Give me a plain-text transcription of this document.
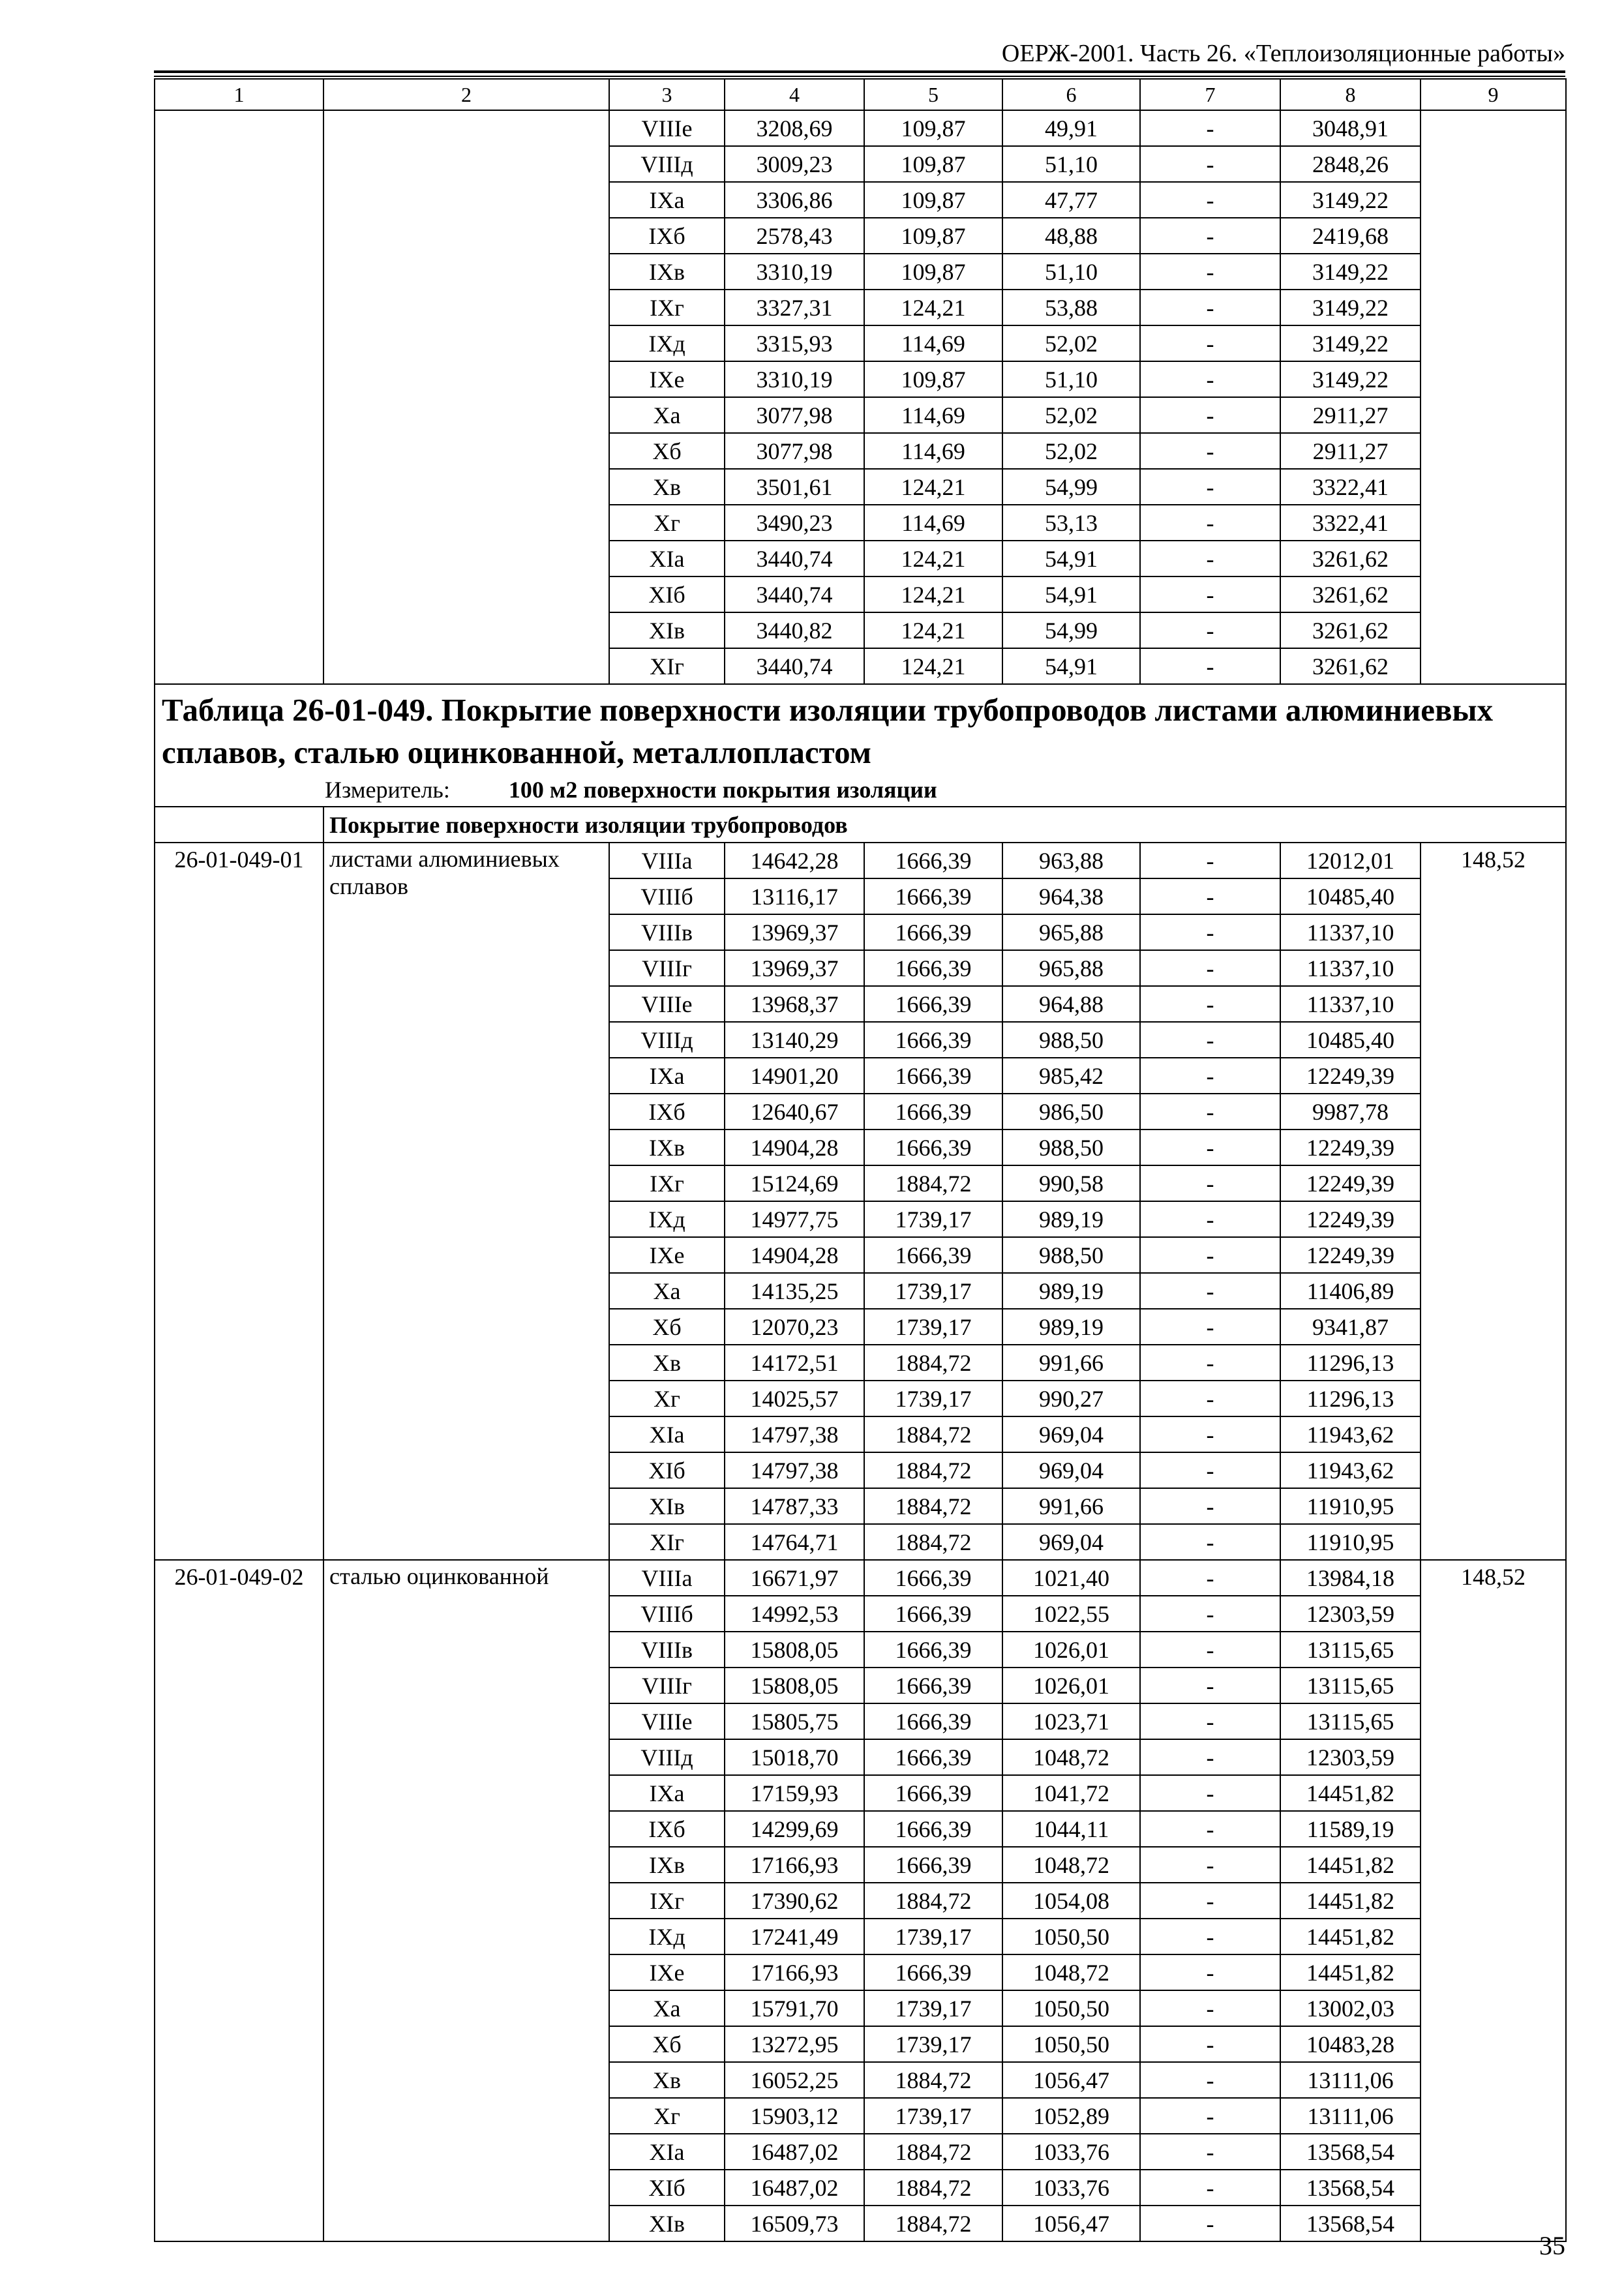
ОЕРЖ-2001. Часть 26. «Теплоизоляционные работы»
1	2	3	4	5	6	7	8	9
		VIIIе	3208,69	109,87	49,91	-	3048,91	
		VIIIд	3009,23	109,87	51,10	-	2848,26	
		IXа	3306,86	109,87	47,77	-	3149,22	
		IXб	2578,43	109,87	48,88	-	2419,68	
		IXв	3310,19	109,87	51,10	-	3149,22	
		IXг	3327,31	124,21	53,88	-	3149,22	
		IXд	3315,93	114,69	52,02	-	3149,22	
		IXе	3310,19	109,87	51,10	-	3149,22	
		Xа	3077,98	114,69	52,02	-	2911,27	
		Xб	3077,98	114,69	52,02	-	2911,27	
		Xв	3501,61	124,21	54,99	-	3322,41	
		Xг	3490,23	114,69	53,13	-	3322,41	
		XIа	3440,74	124,21	54,91	-	3261,62	
		XIб	3440,74	124,21	54,91	-	3261,62	
		XIв	3440,82	124,21	54,99	-	3261,62	
		XIг	3440,74	124,21	54,91	-	3261,62	

Таблица 26-01-049. Покрытие поверхности изоляции трубопроводов листами алюминиевых сплавов, сталью оцинкованной, металлопластом
Измеритель: 100 м2 поверхности покрытия изоляции								

	Покрытие поверхности изоляции трубопроводов							
26-01-049-01	листами алюминиевых сплавов	VIIIа	14642,28	1666,39	963,88	-	12012,01	148,52
		VIIIб	13116,17	1666,39	964,38	-	10485,40	
		VIIIв	13969,37	1666,39	965,88	-	11337,10	
		VIIIг	13969,37	1666,39	965,88	-	11337,10	
		VIIIе	13968,37	1666,39	964,88	-	11337,10	
		VIIIд	13140,29	1666,39	988,50	-	10485,40	
		IXа	14901,20	1666,39	985,42	-	12249,39	
		IXб	12640,67	1666,39	986,50	-	9987,78	
		IXв	14904,28	1666,39	988,50	-	12249,39	
		IXг	15124,69	1884,72	990,58	-	12249,39	
		IXд	14977,75	1739,17	989,19	-	12249,39	
		IXе	14904,28	1666,39	988,50	-	12249,39	
		Xа	14135,25	1739,17	989,19	-	11406,89	
		Xб	12070,23	1739,17	989,19	-	9341,87	
		Xв	14172,51	1884,72	991,66	-	11296,13	
		Xг	14025,57	1739,17	990,27	-	11296,13	
		XIа	14797,38	1884,72	969,04	-	11943,62	
		XIб	14797,38	1884,72	969,04	-	11943,62	
		XIв	14787,33	1884,72	991,66	-	11910,95	
		XIг	14764,71	1884,72	969,04	-	11910,95	
26-01-049-02	сталью оцинкованной	VIIIа	16671,97	1666,39	1021,40	-	13984,18	148,52
		VIIIб	14992,53	1666,39	1022,55	-	12303,59	
		VIIIв	15808,05	1666,39	1026,01	-	13115,65	
		VIIIг	15808,05	1666,39	1026,01	-	13115,65	
		VIIIе	15805,75	1666,39	1023,71	-	13115,65	
		VIIIд	15018,70	1666,39	1048,72	-	12303,59	
		IXа	17159,93	1666,39	1041,72	-	14451,82	
		IXб	14299,69	1666,39	1044,11	-	11589,19	
		IXв	17166,93	1666,39	1048,72	-	14451,82	
		IXг	17390,62	1884,72	1054,08	-	14451,82	
		IXд	17241,49	1739,17	1050,50	-	14451,82	
		IXе	17166,93	1666,39	1048,72	-	14451,82	
		Xа	15791,70	1739,17	1050,50	-	13002,03	
		Xб	13272,95	1739,17	1050,50	-	10483,28	
		Xв	16052,25	1884,72	1056,47	-	13111,06	
		Xг	15903,12	1739,17	1052,89	-	13111,06	
		XIа	16487,02	1884,72	1033,76	-	13568,54	
		XIб	16487,02	1884,72	1033,76	-	13568,54	
		XIв	16509,73	1884,72	1056,47	-	13568,54	
35
